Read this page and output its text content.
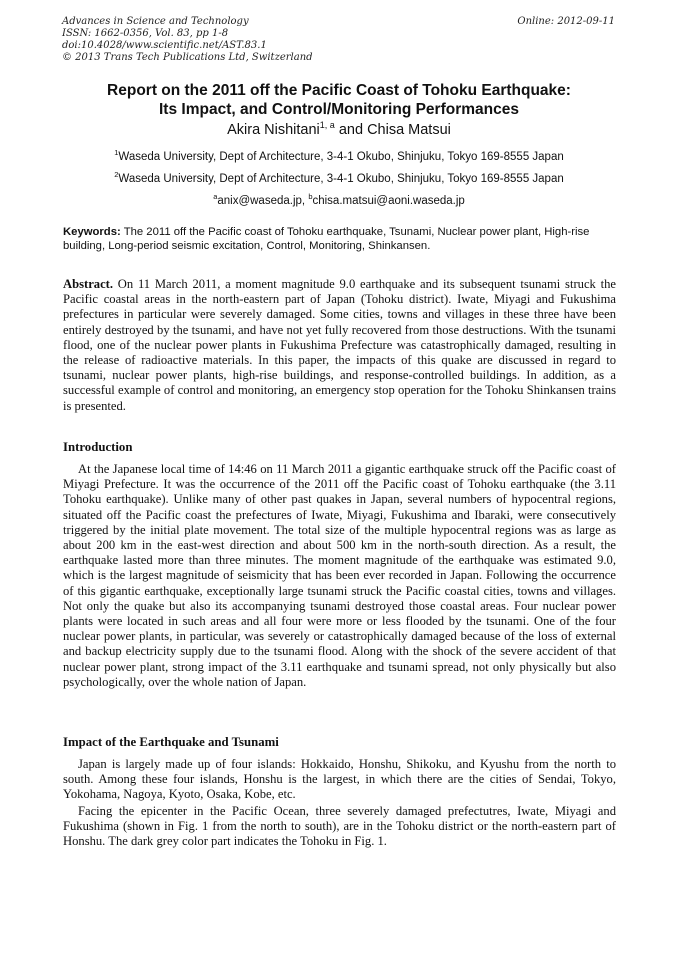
Advances in Science and Technology
ISSN: 1662-0356, Vol. 83, pp 1-8
doi:10.4028/www.scientific.net/AST.83.1
© 2013 Trans Tech Publications Ltd, Switzerland
Online: 2012-09-11
Report on the 2011 off the Pacific Coast of Tohoku Earthquake:
Its Impact, and Control/Monitoring Performances
Akira Nishitani$^{1, a}$ and Chisa Matsui
$^1$Waseda University, Dept of Architecture, 3-4-1 Okubo, Shinjuku, Tokyo 169-8555 Japan
$^2$Waseda University, Dept of Architecture, 3-4-1 Okubo, Shinjuku, Tokyo 169-8555 Japan
$^a$anix@waseda.jp, $^b$chisa.matsui@aoni.waseda.jp
Keywords: The 2011 off the Pacific coast of Tohoku earthquake, Tsunami, Nuclear power plant, High-rise building, Long-period seismic excitation, Control, Monitoring, Shinkansen.
Abstract. On 11 March 2011, a moment magnitude 9.0 earthquake and its subsequent tsunami struck the Pacific coastal areas in the north-eastern part of Japan (Tohoku district). Iwate, Miyagi and Fukushima prefectures in particular were severely damaged. Some cities, towns and villages in these three have been entirely destroyed by the tsunami, and have not yet fully recovered from those destructions. With the tsunami flood, one of the nuclear power plants in Fukushima Prefecture was catastrophically damaged, resulting in the release of radioactive materials. In this paper, the impacts of this quake are discussed in regard to tsunami, nuclear power plants, high-rise buildings, and response-controlled buildings. In addition, as a successful example of control and monitoring, an emergency stop operation for the Tohoku Shinkansen trains is presented.
Introduction
At the Japanese local time of 14:46 on 11 March 2011 a gigantic earthquake struck off the Pacific coast of Miyagi Prefecture. It was the occurrence of the 2011 off the Pacific coast of Tohoku earthquake (the 3.11 Tohoku earthquake). Unlike many of other past quakes in Japan, several numbers of hypocentral regions, situated off the Pacific coast the prefectures of Iwate, Miyagi, Fukushima and Ibaraki, were consecutively triggered by the initial plate movement. The total size of the multiple hypocentral regions was as large as about 200 km in the east-west direction and about 500 km in the north-south direction. As a result, the earthquake lasted more than three minutes. The moment magnitude of the earthquake was estimated 9.0, which is the largest magnitude of seismicity that has been ever recorded in Japan. Following the occurrence of this gigantic earthquake, exceptionally large tsunami struck the Pacific coastal cities, towns and villages. Not only the quake but also its accompanying tsunami destroyed those coastal areas. Four nuclear power plants were located in such areas and all four were more or less flooded by the tsunami. One of the four nuclear power plants, in particular, was severely or catastrophically damaged because of the loss of external and backup electricity supply due to the tsunami flood. Along with the shock of the severe accident of that nuclear power plant, strong impact of the 3.11 earthquake and tsunami spread, not only physically but also psychologically, over the whole nation of Japan.
Impact of the Earthquake and Tsunami
Japan is largely made up of four islands: Hokkaido, Honshu, Shikoku, and Kyushu from the north to south. Among these four islands, Honshu is the largest, in which there are the cities of Sendai, Tokyo, Yokohama, Nagoya, Kyoto, Osaka, Kobe, etc.
Facing the epicenter in the Pacific Ocean, three severely damaged prefectutres, Iwate, Miyagi and Fukushima (shown in Fig. 1 from the north to south), are in the Tohoku district or the north-eastern part of Honshu. The dark grey color part indicates the Tohoku in Fig. 1.
